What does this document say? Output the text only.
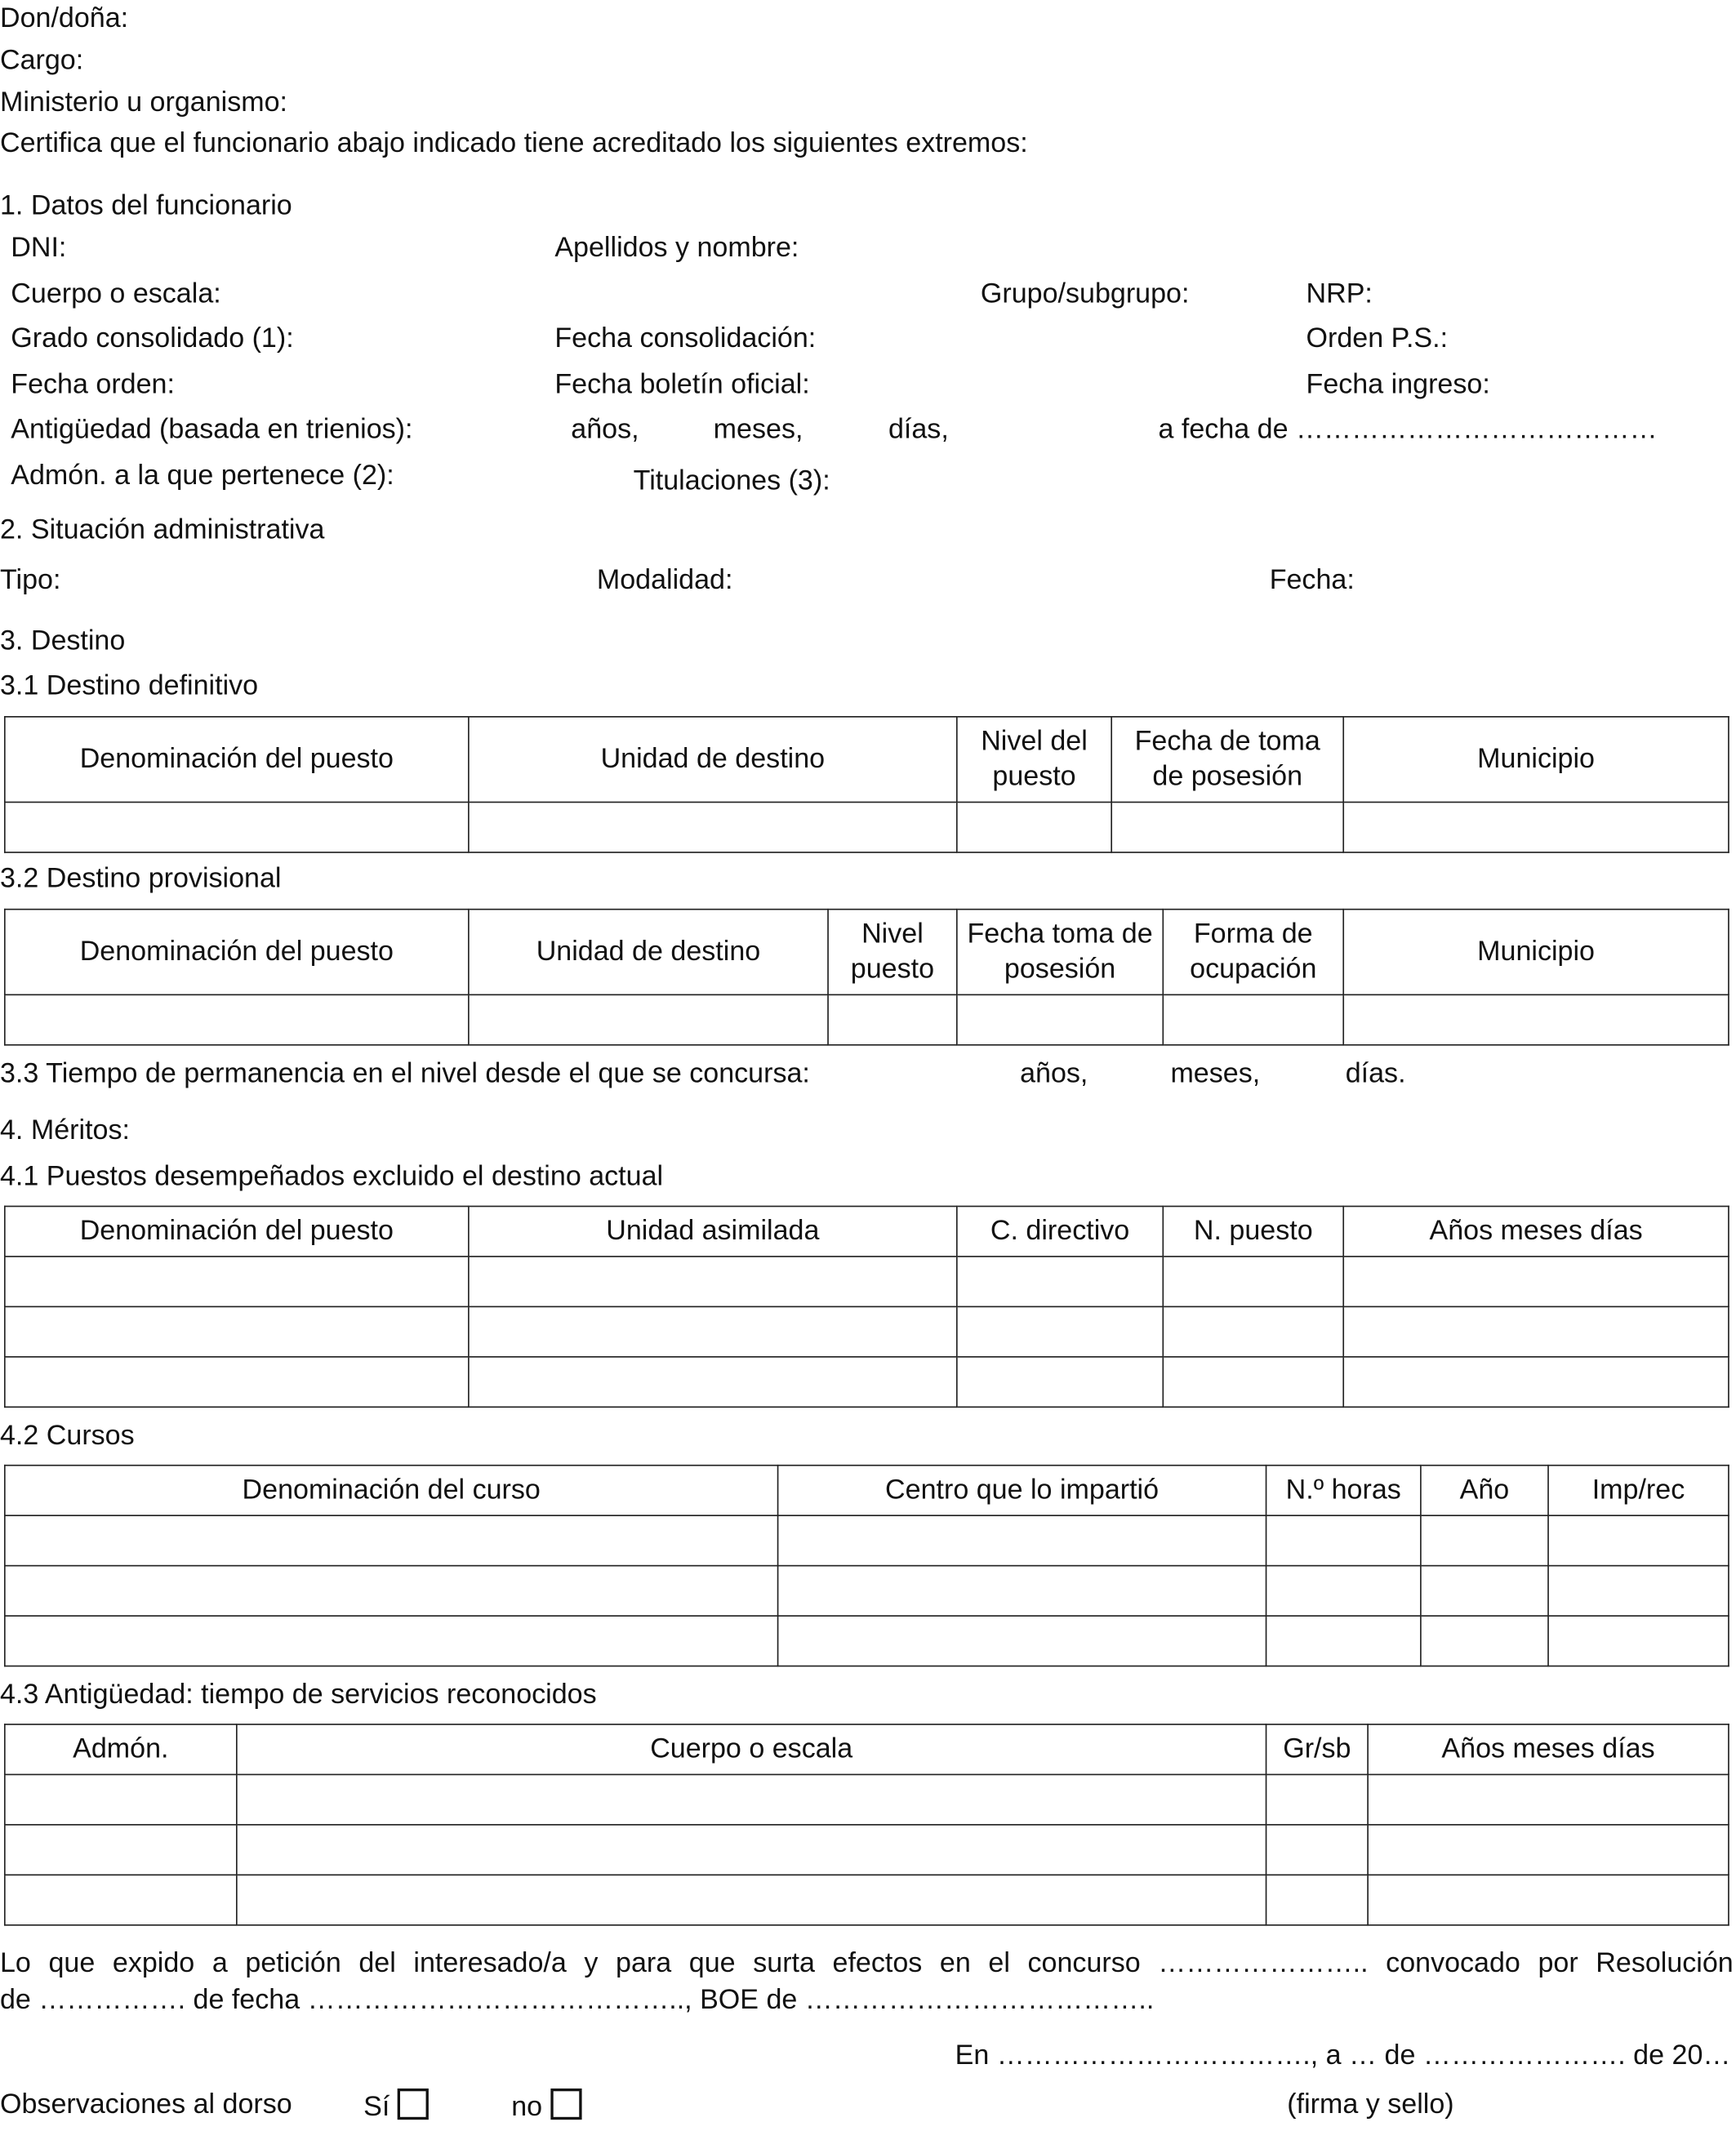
Don/doña:
Cargo:
Ministerio u organismo:
Certifica que el funcionario abajo indicado tiene acreditado los siguientes extremos:
1. Datos del funcionario
DNI:	Apellidos y nombre:
Cuerpo o escala:	Grupo/subgrupo:	NRP:
Grado consolidado (1):	Fecha consolidación:	Orden P.S.:
Fecha orden:	Fecha boletín oficial:	Fecha ingreso:
Antigüedad (basada en trienios):	años,	meses,	días,	a fecha de …………………………………
Admón. a la que pertenece (2):	Titulaciones (3):
2. Situación administrativa
Tipo:	Modalidad:	Fecha:
3. Destino
3.1 Destino definitivo
Denominación del puesto	Unidad de destino	Nivel del puesto	Fecha de toma de posesión	Municipio

3.2 Destino provisional
Denominación del puesto	Unidad de destino	Nivel puesto	Fecha toma de posesión	Forma de ocupación	Municipio

3.3 Tiempo de permanencia en el nivel desde el que se concursa:	años,	meses,	días.
4. Méritos:
4.1 Puestos desempeñados excluido el destino actual
Denominación del puesto	Unidad asimilada	C. directivo	N. puesto	Años meses días

4.2 Cursos
Denominación del curso	Centro que lo impartió	N.º horas	Año	Imp/rec

4.3 Antigüedad: tiempo de servicios reconocidos
Admón.	Cuerpo o escala	Gr/sb	Años meses días

Lo que expido a petición del interesado/a y para que surta efectos en el concurso ………………….. convocado por Resolución
de ……………. de fecha ………………………………….., BOE de ………………………………..
En ……………………………., a … de …………………. de 20…
Observaciones al dorso	Sí	no	(firma y sello)
